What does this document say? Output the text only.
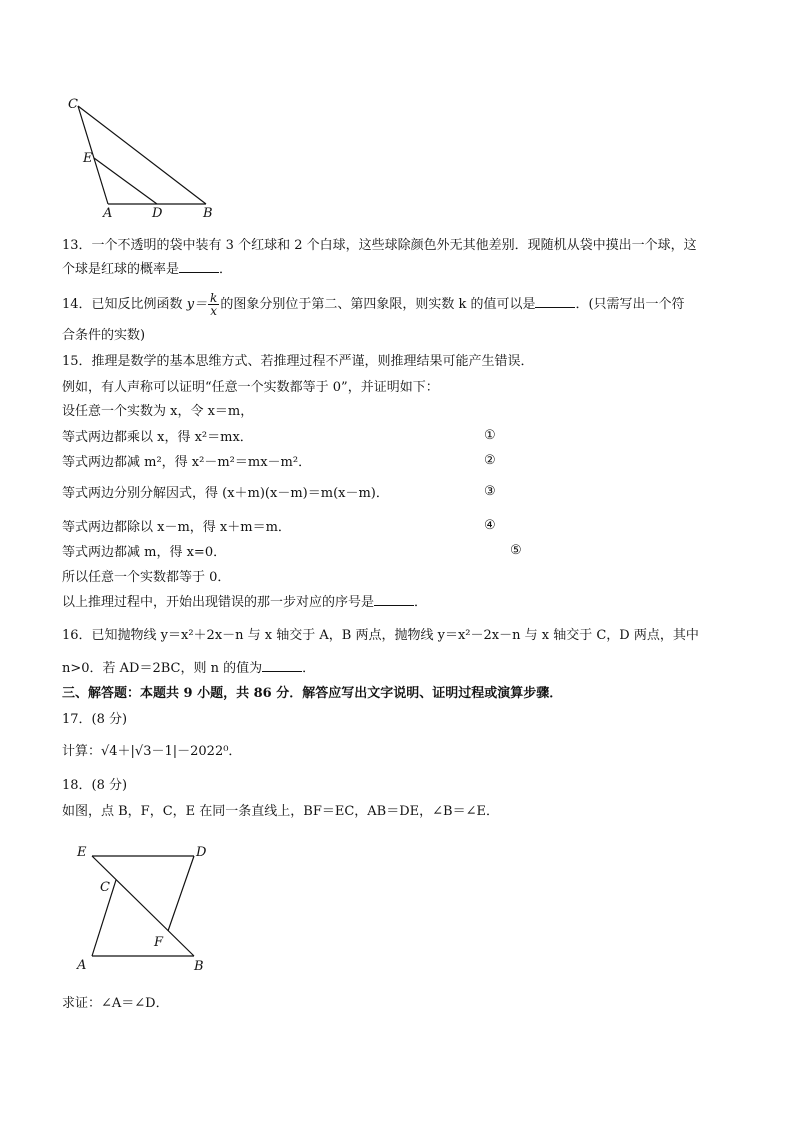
C
E
A	D	B
13．一个不透明的袋中装有 3 个红球和 2 个白球，这些球除颜色外无其他差别．现随机从袋中摸出一个球，这
个球是红球的概率是	．
14．已知反比例函数 $y= \frac{k}{x}$ 的图象分别位于第二、第四象限，则实数 k 的值可以是	．(只需写出一个符
合条件的实数)
15．推理是数学的基本思维方式、若推理过程不严谨，则推理结果可能产生错误．
例如，有人声称可以证明“任意一个实数都等于 0”，并证明如下：
设任意一个实数为 x，令 x＝m，
等式两边都乘以 x，得 x²＝mx．	①
等式两边都减 m²，得 x²－m²＝mx－m²．	②
等式两边分别分解因式，得 (x＋m)(x－m)＝m(x－m)．	③
等式两边都除以 x－m，得 x＋m＝m．	④
等式两边都减 m，得 x=0．	⑤
所以任意一个实数都等于 0．
以上推理过程中，开始出现错误的那一步对应的序号是	．
16．已知抛物线 y＝x²＋2x－n 与 x 轴交于 A，B 两点，抛物线 y＝x²－2x－n 与 x 轴交于 C，D 两点，其中
n>0．若 AD＝2BC，则 n 的值为	．
三、解答题：本题共 9 小题，共 86 分．解答应写出文字说明、证明过程或演算步骤．
17．(8 分)
计算：√4＋|√3－1|－2022⁰．
18．(8 分)
如图，点 B，F，C，E 在同一条直线上，BF＝EC，AB＝DE，∠B＝∠E．
E	D
C
F
A	B
求证：∠A＝∠D．
